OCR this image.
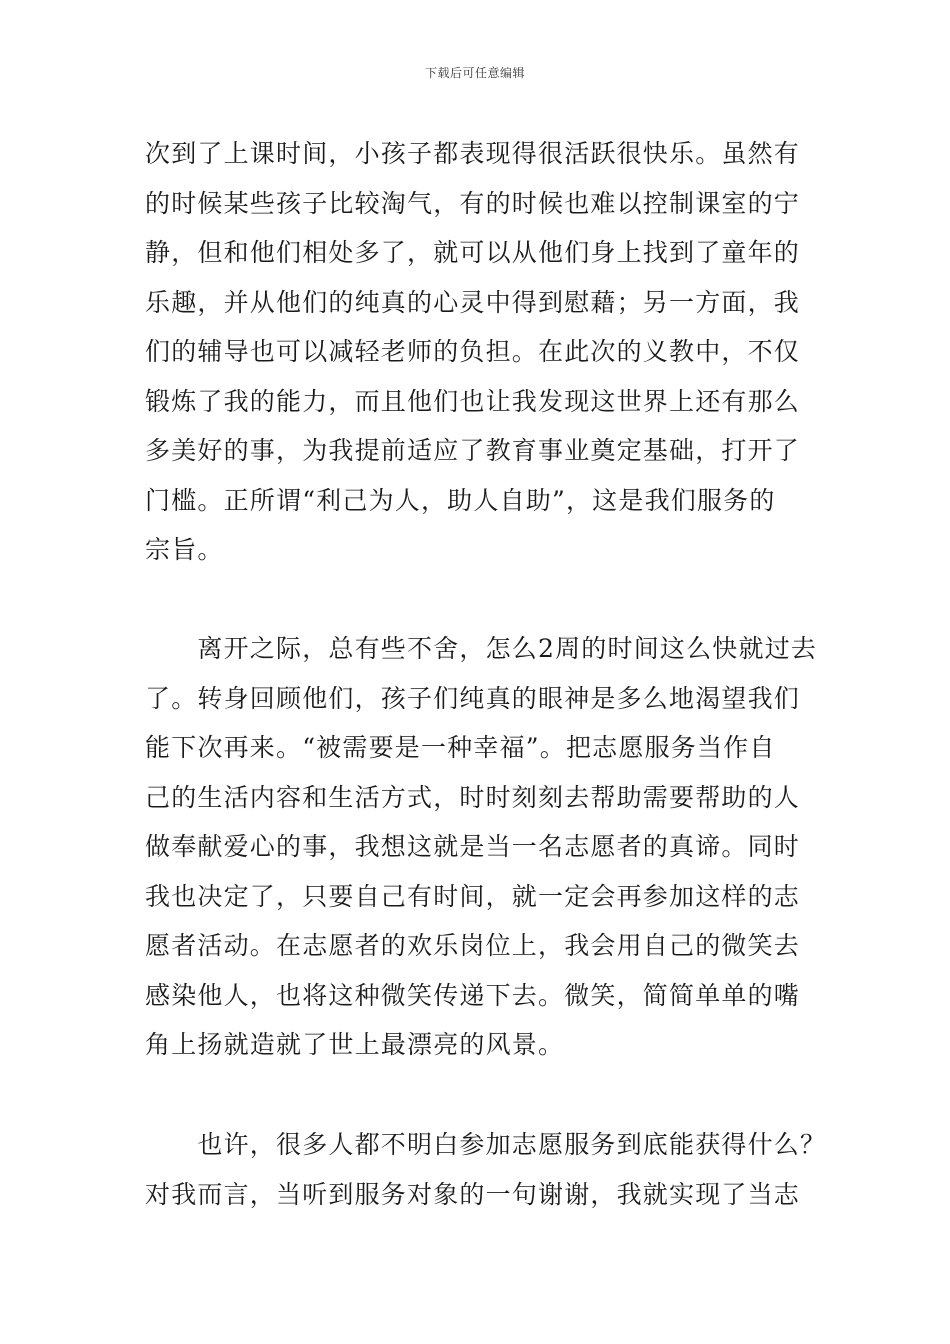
下载后可任意编辑
次到了上课时间，小孩子都表现得很活跃很快乐。虽然有
的时候某些孩子比较淘气，有的时候也难以控制课室的宁
静，但和他们相处多了，就可以从他们身上找到了童年的
乐趣，并从他们的纯真的心灵中得到慰藉；另一方面，我
们的辅导也可以减轻老师的负担。在此次的义教中，不仅
锻炼了我的能力，而且他们也让我发现这世界上还有那么
多美好的事，为我提前适应了教育事业奠定基础，打开了
门槛。正所谓“利己为人，助人自助”，这是我们服务的
宗旨。
　　离开之际，总有些不舍，怎么2周的时间这么快就过去
了。转身回顾他们，孩子们纯真的眼神是多么地渴望我们
能下次再来。“被需要是一种幸福”。把志愿服务当作自
己的生活内容和生活方式，时时刻刻去帮助需要帮助的人
做奉献爱心的事，我想这就是当一名志愿者的真谛。同时
我也决定了，只要自己有时间，就一定会再参加这样的志
愿者活动。在志愿者的欢乐岗位上，我会用自己的微笑去
感染他人，也将这种微笑传递下去。微笑，简简单单的嘴
角上扬就造就了世上最漂亮的风景。
　　也许，很多人都不明白参加志愿服务到底能获得什么？
对我而言，当听到服务对象的一句谢谢，我就实现了当志
